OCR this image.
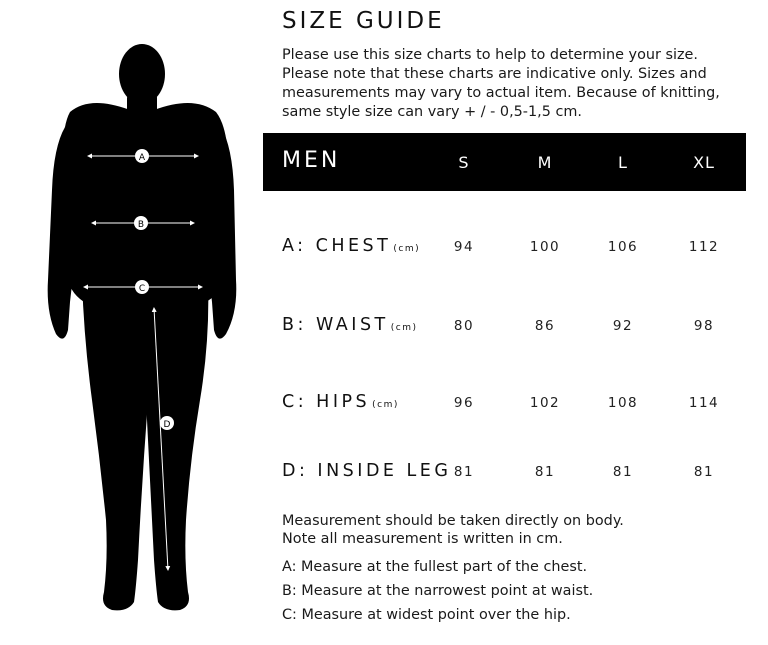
A
B
C
D
SIZE GUIDE

Please use this size charts to help to determine your size.
Please note that these charts are indicative only. Sizes and
measurements may vary to actual item. Because of knitting,
same style size can vary + / - 0,5-1,5 cm.

MEN	S	M	L	XL
A: CHEST (cm)	94	100	106	112
B: WAIST (cm)	80	86	92	98
C: HIPS (cm)	96	102	108	114
D: INSIDE LEG 81	81	81	81
Measurement should be taken directly on body.
Note all measurement is written in cm.
A: Measure at the fullest part of the chest.
B: Measure at the narrowest point at waist.
C: Measure at widest point over the hip.
